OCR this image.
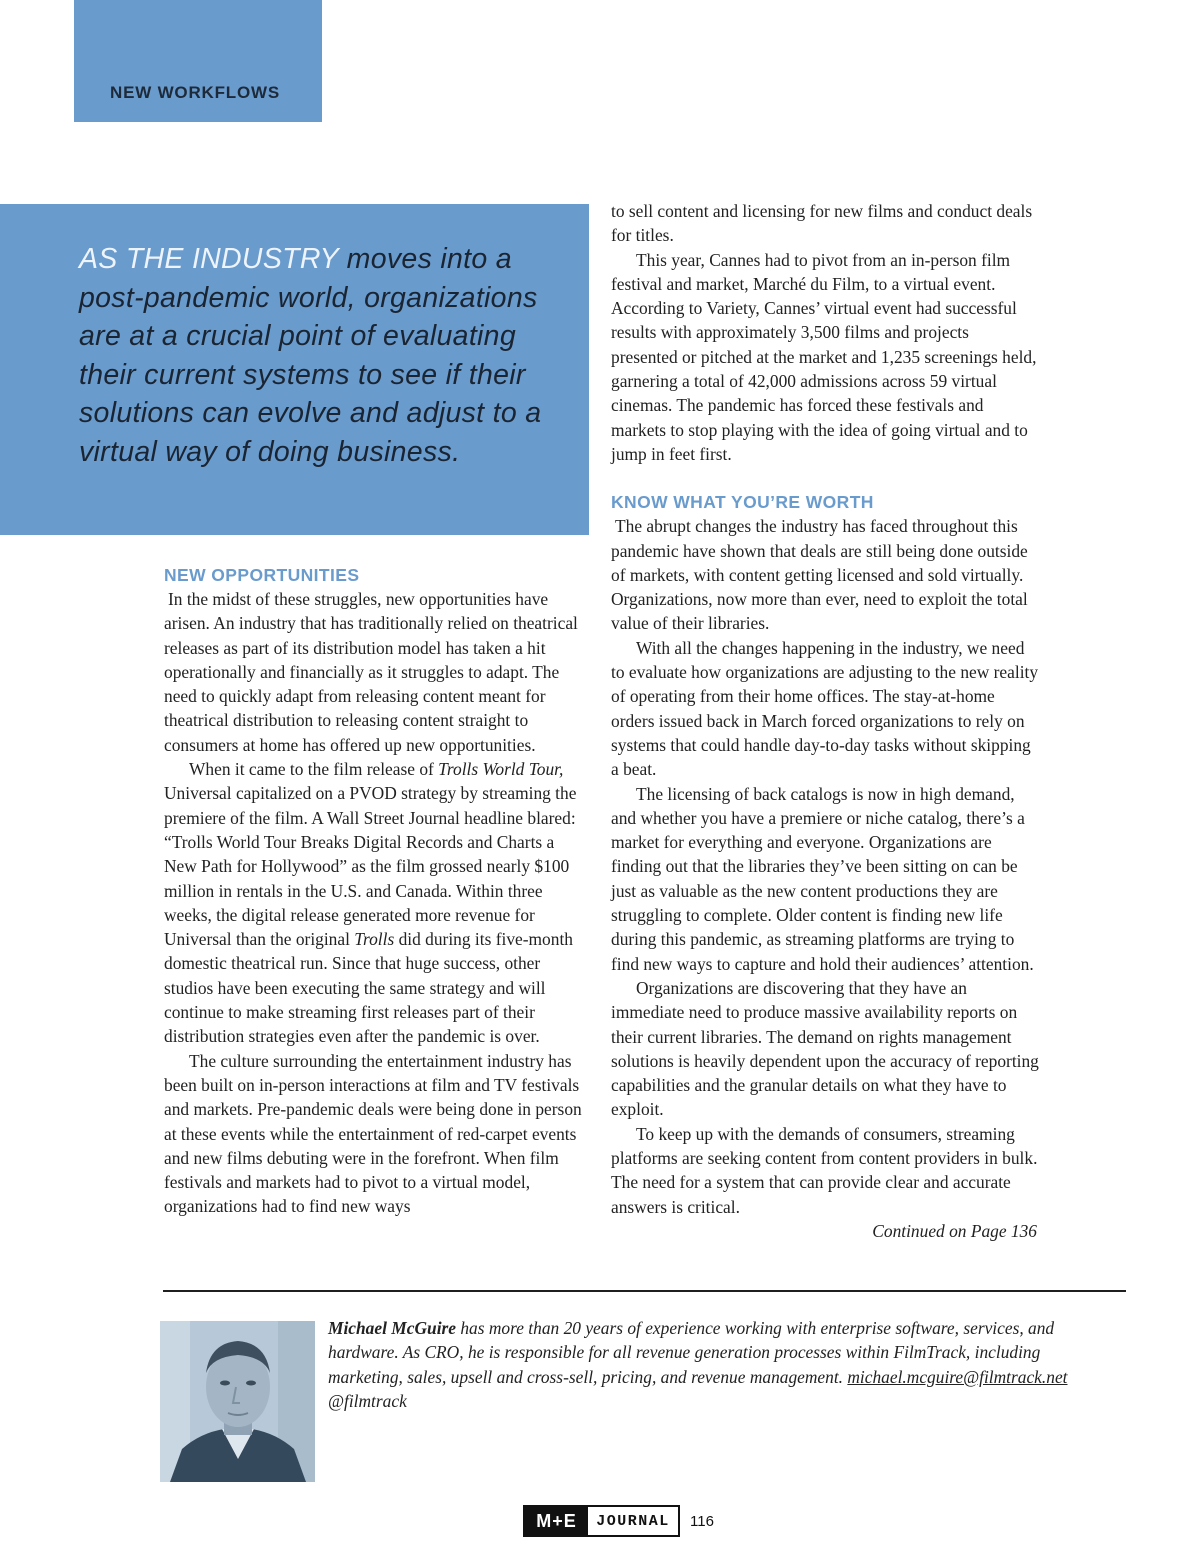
NEW WORKFLOWS

AS THE INDUSTRY moves into a post-pandemic world, organizations are at a crucial point of evaluating their current systems to see if their solutions can evolve and adjust to a virtual way of doing business.

NEW OPPORTUNITIES

In the midst of these struggles, new opportunities have arisen. An industry that has traditionally relied on theatrical releases as part of its distribution model has taken a hit operationally and financially as it struggles to adapt. The need to quickly adapt from releasing content meant for theatrical distribution to releasing content straight to consumers at home has offered up new opportunities.

When it came to the film release of Trolls World Tour, Universal capitalized on a PVOD strategy by streaming the premiere of the film. A Wall Street Journal headline blared: “Trolls World Tour Breaks Digital Records and Charts a New Path for Hollywood” as the film grossed nearly $100 million in rentals in the U.S. and Canada. Within three weeks, the digital release generated more revenue for Universal than the original Trolls did during its five-month domestic theatrical run. Since that huge success, other studios have been executing the same strategy and will continue to make streaming first releases part of their distribution strategies even after the pandemic is over.

The culture surrounding the entertainment industry has been built on in-person interactions at film and TV festivals and markets. Pre-pandemic deals were being done in person at these events while the entertainment of red-carpet events and new films debuting were in the forefront. When film festivals and markets had to pivot to a virtual model, organizations had to find new ways

to sell content and licensing for new films and conduct deals for titles.

This year, Cannes had to pivot from an in-person film festival and market, Marché du Film, to a virtual event. According to Variety, Cannes’ virtual event had successful results with approximately 3,500 films and projects presented or pitched at the market and 1,235 screenings held, garnering a total of 42,000 admissions across 59 virtual cinemas. The pandemic has forced these festivals and markets to stop playing with the idea of going virtual and to jump in feet first.

KNOW WHAT YOU’RE WORTH

The abrupt changes the industry has faced throughout this pandemic have shown that deals are still being done outside of markets, with content getting licensed and sold virtually. Organizations, now more than ever, need to exploit the total value of their libraries.

With all the changes happening in the industry, we need to evaluate how organizations are adjusting to the new reality of operating from their home offices. The stay-at-home orders issued back in March forced organizations to rely on systems that could handle day-to-day tasks without skipping a beat.

The licensing of back catalogs is now in high demand, and whether you have a premiere or niche catalog, there’s a market for everything and everyone. Organizations are finding out that the libraries they’ve been sitting on can be just as valuable as the new content productions they are struggling to complete. Older content is finding new life during this pandemic, as streaming platforms are trying to find new ways to capture and hold their audiences’ attention.

Organizations are discovering that they have an immediate need to produce massive availability reports on their current libraries. The demand on rights management solutions is heavily dependent upon the accuracy of reporting capabilities and the granular details on what they have to exploit.

To keep up with the demands of consumers, streaming platforms are seeking content from content providers in bulk. The need for a system that can provide clear and accurate answers is critical.

Continued on Page 136

Michael McGuire has more than 20 years of experience working with enterprise software, services, and hardware. As CRO, he is responsible for all revenue generation processes within FilmTrack, including marketing, sales, upsell and cross-sell, pricing, and revenue management. michael.mcguire@filmtrack.net
@filmtrack
M+E	JOURNAL	116
